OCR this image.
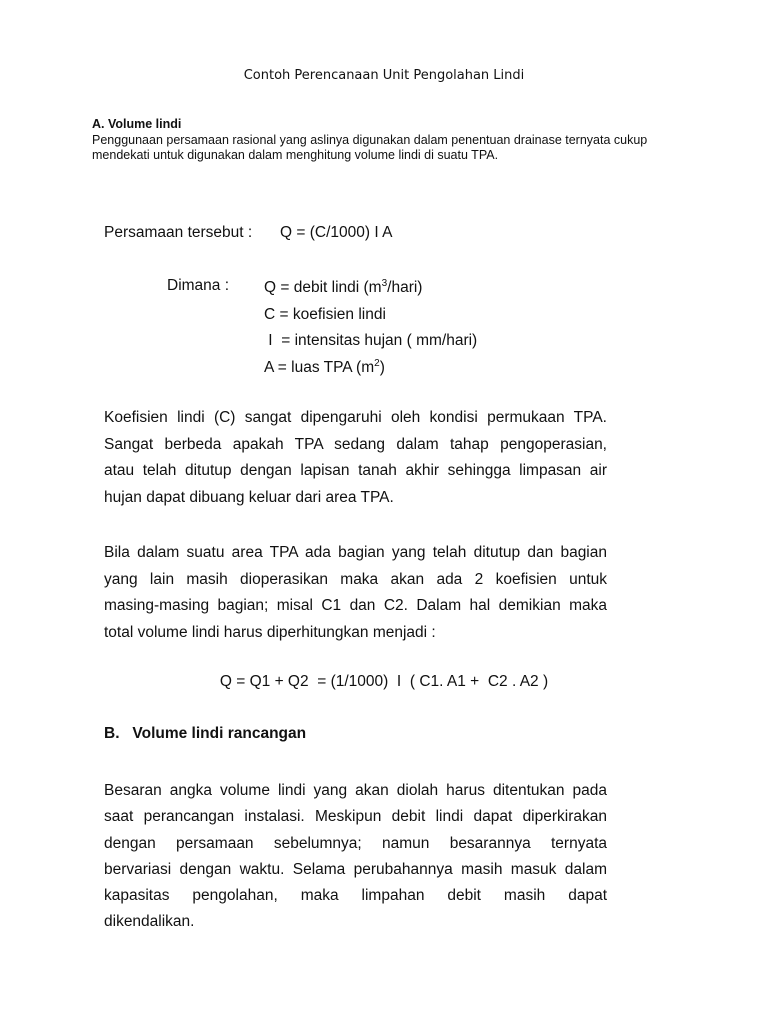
Contoh Perencanaan Unit Pengolahan Lindi
A. Volume lindi
Penggunaan persamaan rasional yang aslinya digunakan dalam penentuan drainase ternyata cukup mendekati untuk digunakan dalam menghitung volume lindi di suatu TPA.
Persamaan tersebut : Q = (C/1000) I A
Dimana : Q = debit lindi $(m^3/hari)$
C = koefisien lindi
I  = intensitas hujan ( mm/hari)
A = luas TPA $(m^2)$
Koefisien lindi (C) sangat dipengaruhi oleh kondisi permukaan TPA.
Sangat berbeda apakah TPA sedang dalam tahap pengoperasian,
atau telah ditutup dengan lapisan tanah akhir sehingga limpasan air
hujan dapat dibuang keluar dari area TPA.
Bila dalam suatu area TPA ada bagian yang telah ditutup dan bagian
yang lain masih dioperasikan maka akan ada 2 koefisien untuk
masing-masing bagian; misal C1 dan C2. Dalam hal demikian maka
total volume lindi harus diperhitungkan menjadi :
Q = Q1 + Q2  = (1/1000)  I  ( C1. A1 +  C2 . A2 )
B.   Volume lindi rancangan
Besaran angka volume lindi yang akan diolah harus ditentukan pada
saat perancangan instalasi. Meskipun debit lindi dapat diperkirakan
dengan persamaan sebelumnya; namun besarannya ternyata
bervariasi dengan waktu. Selama perubahannya masih masuk dalam
kapasitas pengolahan, maka limpahan debit masih dapat
dikendalikan.
